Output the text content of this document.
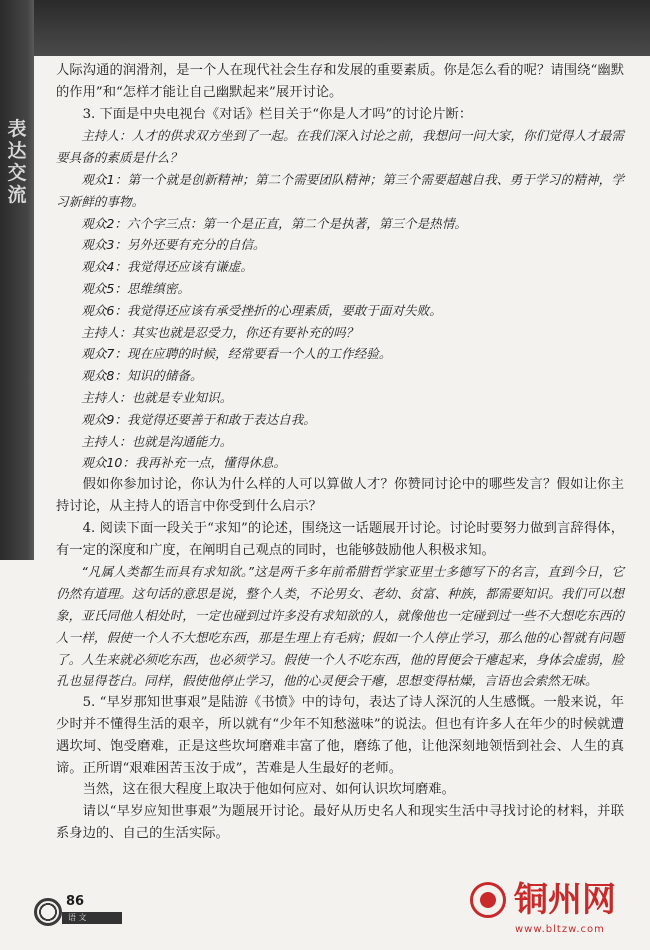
表达交流

人际沟通的润滑剂，是一个人在现代社会生存和发展的重要素质。你是怎么看的呢？请围绕“幽默的作用”和“怎样才能让自己幽默起来”展开讨论。

3. 下面是中央电视台《对话》栏目关于“你是人才吗”的讨论片断：

主持人：人才的供求双方坐到了一起。在我们深入讨论之前，我想问一问大家，你们觉得人才最需要具备的素质是什么？

观众1：第一个就是创新精神；第二个需要团队精神；第三个需要超越自我、勇于学习的精神，学习新鲜的事物。

观众2：六个字三点：第一个是正直，第二个是执著，第三个是热情。

观众3：另外还要有充分的自信。

观众4：我觉得还应该有谦虚。

观众5：思维缜密。

观众6：我觉得还应该有承受挫折的心理素质，要敢于面对失败。

主持人：其实也就是忍受力，你还有要补充的吗？

观众7：现在应聘的时候，经常要看一个人的工作经验。

观众8：知识的储备。

主持人：也就是专业知识。

观众9：我觉得还要善于和敢于表达自我。

主持人：也就是沟通能力。

观众10：我再补充一点，懂得休息。

假如你参加讨论，你认为什么样的人可以算做人才？你赞同讨论中的哪些发言？假如让你主持讨论，从主持人的语言中你受到什么启示？

4. 阅读下面一段关于“求知”的论述，围绕这一话题展开讨论。讨论时要努力做到言辞得体，有一定的深度和广度，在阐明自己观点的同时，也能够鼓励他人积极求知。

“凡属人类都生而具有求知欲。”这是两千多年前希腊哲学家亚里士多德写下的名言，直到今日，它仍然有道理。这句话的意思是说，整个人类，不论男女、老幼、贫富、种族，都需要知识。我们可以想象，亚氏同他人相处时，一定也碰到过许多没有求知欲的人，就像他也一定碰到过一些不大想吃东西的人一样，假使一个人不大想吃东西，那是生理上有毛病；假如一个人停止学习，那么他的心智就有问题了。人生来就必须吃东西，也必须学习。假使一个人不吃东西，他的胃便会干瘪起来，身体会虚弱，脸孔也显得苍白。同样，假使他停止学习，他的心灵便会干瘪，思想变得枯燥，言语也会索然无味。

5. “早岁那知世事艰”是陆游《书愤》中的诗句，表达了诗人深沉的人生感慨。一般来说，年少时并不懂得生活的艰辛，所以就有“少年不知愁滋味”的说法。但也有许多人在年少的时候就遭遇坎坷、饱受磨难，正是这些坎坷磨难丰富了他，磨练了他，让他深刻地领悟到社会、人生的真谛。正所谓“艰难困苦玉汝于成”，苦难是人生最好的老师。

当然，这在很大程度上取决于他如何应对、如何认识坎坷磨难。

请以“早岁应知世事艰”为题展开讨论。最好从历史名人和现实生活中寻找讨论的材料，并联系身边的、自己的生活实际。

86
语 文	铜州网
www.bltzw.com
